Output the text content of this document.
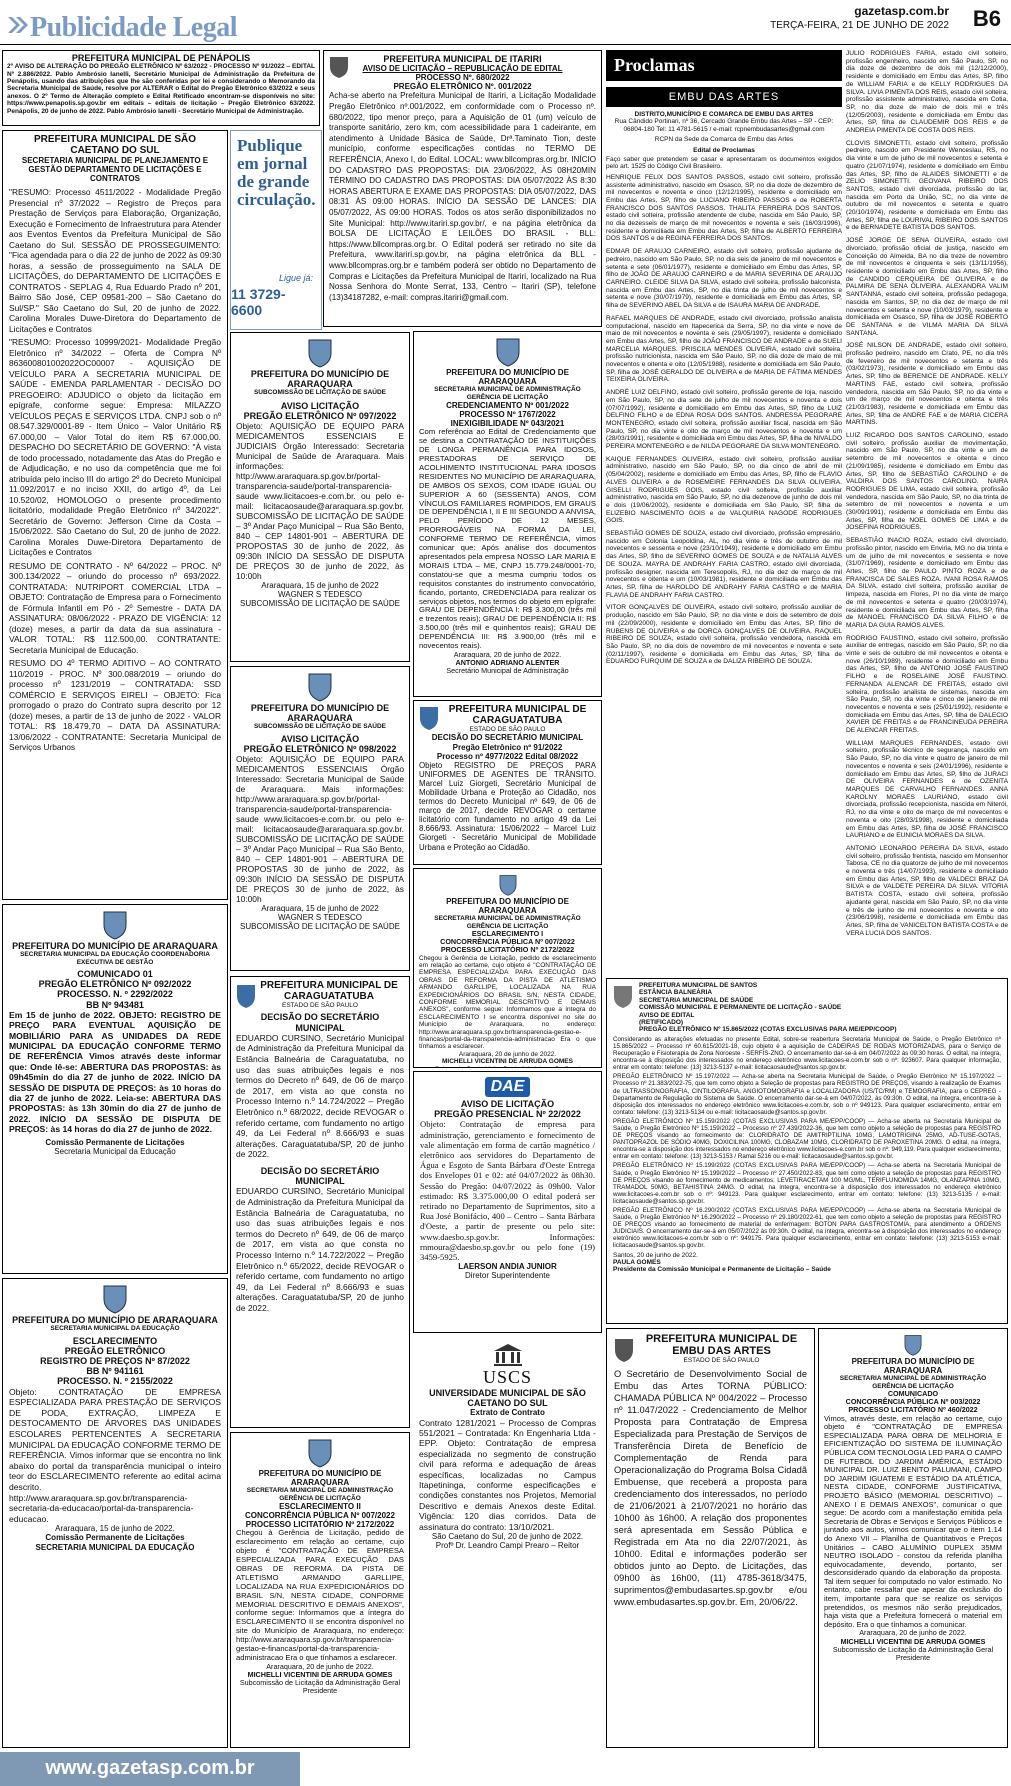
Publicidade Legal
gazetasp.com.br
TERÇA-FEIRA, 21 DE JUNHO DE 2022 B6
PREFEITURA MUNICIPAL DE PENÁPOLIS
2º AVISO DE ALTERAÇÃO DO PREGÃO ELETRÔNICO Nº 63/2022 - PROCESSO Nº 91/2022 – EDITAL Nº 2.886/2022. Pablo Ambrósio Ianelli, Secretário Municipal de Administração da Prefeitura de Penápolis, usando das atribuições que lhe são conferidas por lei e considerando o Memorando da Secretaria Municipal de Saúde, resolve por ALTERAR o Edital do Pregão Eletrônico 63/2022 e seus anexos. O 2º Termo de Alteração completo e Edital Retificado encontram-se disponíveis no site: https://www.penapolis.sp.gov.br em editais – editais de licitação – Pregão Eletrônico 63/2022. Penápolis, 20 de junho de 2022. Pablo Ambrósio Ianelli - Secretário Municipal de Administração.
PREFEITURA MUNICIPAL DE ITARIRI
AVISO DE LICITAÇÃO – REPUBLICAÇÃO DE EDITAL
PROCESSO Nº. 680/2022
PREGÃO ELETRÔNICO Nº. 001/2022
Acha-se aberto na Prefeitura Municipal de Itariri, a Licitação Modalidade Pregão Eletrônico nº.001/2022, em conformidade com o Processo nº. 680/2022, tipo menor preço, para a Aquisição de 01 (um) veículo de transporte sanitário, zero km, com acessibilidade para 1 cadeirante, em atendimento à Unidade Básica de Saúde, Drª.Taminato Tion, deste município, conforme especificações contidas no TERMO DE REFERÊNCIA, Anexo I, do Edital. LOCAL: www.bllcompras.org.br. INÍCIO DO CADASTRO DAS PROPOSTAS: DIA 23/06/2022, ÀS 08H20MIN TÉRMINO DO CADASTRO DAS PROPOSTAS: DIA 05/07/2022 ÀS 8:30 HORAS ABERTURA E EXAME DAS PROPOSTAS: DIA 05/07/2022, DAS 08:31 ÀS 09:00 HORAS. INÍCIO DA SESSÃO DE LANCES: DIA 05/07/2022, ÀS 09:00 HORAS. Todos os atos serão disponibilizados no Site Municipal: http://www.itariri.sp.gov.br/, e na página eletrônica da BOLSA DE LICITAÇÃO E LEILÕES DO BRASIL - BLL: https://www.bllcompras.org.br. O Edital poderá ser retirado no site da Prefeitura, www.itariri.sp.gov.br, na página eletrônica da BLL - www.bllcompras.org.br e também poderá ser obtido no Departamento de Compras e Licitações da Prefeitura Municipal de Itariri, localizado na Rua Nossa Senhora do Monte Serrat, 133, Centro – Itariri (SP), telefone (13)34187282, e-mail: compras.itariri@gmail.com.
PREFEITURA MUNICIPAL DE SÃO CAETANO DO SUL
SECRETARIA MUNICIPAL DE PLANEJAMENTO E GESTÃO DEPARTAMENTO DE LICITAÇÕES E CONTRATOS

"RESUMO: Processo 4511/2022 - Modalidade Pregão Presencial nº 37/2022 – Registro de Preços para Prestação de Serviços para Elaboração, Organização, Execução e Fornecimento de Infraestrutura para Atender aos Eventos Eventos da Prefeitura Municipal de São Caetano do Sul. SESSÃO DE PROSSEGUIMENTO: "Fica agendada para o dia 22 de junho de 2022 às 09:30 horas, a sessão de prosseguimento na SALA DE LICITAÇÕES, do DEPARTAMENTO DE LICITAÇÕES E CONTRATOS - SEPLAG 4, Rua Eduardo Prado nº 201, Bairro São José, CEP 09581-200 – São Caetano do Sul/SP." São Caetano do Sul, 20 de junho de 2022. Carolina Morales Duwe-Diretora do Departamento de Licitações e Contratos

"RESUMO: Processo 10999/2021- Modalidade Pregão Eletrônico nº 34/2022 – Oferta de Compra Nº 863600801002022OC00007 - AQUISIÇÃO DE VEÍCULO PARA A SECRETARIA MUNICIPAL DE SAÚDE - EMENDA PARLAMENTAR - DECISÃO DO PREGOEIRO: ADJUDICO o objeto da licitação em epígrafe, conforme segue: Empresa: MILAZZO VEÍCULOS PEÇAS E SERVIÇOS LTDA. CNPJ sob o nº 08.547.329/0001-89 - Item Único – Valor Unitário R$ 67.000,00 – Valor Total do item R$ 67.000,00. DESPACHO DO SECRETÁRIO DE GOVERNO: "À vista de todo processado, notadamente das Atas do Pregão e de Adjudicação, e no uso da competência que me foi atribuída pelo inciso III do artigo 2º do Decreto Municipal 11.092/2017 e no inciso XXII, do artigo 4º, da Lei 10.520/02, HOMOLOGO o presente procedimento licitatório, modalidade Pregão Eletrônico nº 34/2022". Secretário de Governo: Jefferson Cirne da Costa – 15/06/2022. São Caetano do Sul, 20 de junho de 2022. Carolina Morales Duwe-Diretora Departamento de Licitações e Contratos

RESUMO DE CONTRATO - Nº 64/2022 – PROC. Nº 300.134/2022 – oriundo do processo nº 693/2022. CONTRATADA: NUTRIPORT COMERCIAL LTDA – OBJETO: Contratação de Empresa para o Fornecimento de Fórmula Infantil em Pó - 2º Semestre - DATA DA ASSINATURA: 08/06/2022 - PRAZO DE VIGÊNCIA: 12 (doze) meses, a partir da data da sua assinatura - VALOR TOTAL: R$ 112.500,00. CONTRATANTE: Secretaria Municipal de Educação.

RESUMO DO 4º TERMO ADITIVO – AO CONTRATO 110/2019 - PROC. Nº 300.088/2019 – oriundo do processo nº 1231/2019 – CONTRATADA: SSD COMÉRCIO E SERVIÇOS EIRELI – OBJETO: Fica prorrogado o prazo do Contrato supra descrito por 12 (doze) meses, a partir de 13 de junho de 2022 - VALOR TOTAL: R$ 18.479,70 – DATA DA ASSINATURA: 13/06/2022 - CONTRATANTE: Secretaria Municipal de Serviços Urbanos

Publique
em jornal
de grande
circulação.
Ligue já:
11 3729-6600
PREFEITURA DO MUNICÍPIO DE ARARAQUARA
SUBCOMISSÃO DE LICITAÇÃO DE SAÚDE
AVISO LICITAÇÃO
PREGÃO ELETRÔNICO Nº 097/2022
Objeto: AQUISIÇÃO DE EQUIPO PARA MEDICAMENTOS ESSENCIAIS E JUDICIAIS Órgão Interessado: Secretaria Municipal de Saúde de Araraquara. Mais informações: http://www.araraquara.sp.gov.br/portal-transparencia-saude/portal-transparencia-saude www.licitacoes-e.com.br. ou pelo e-mail: licitacaosaude@araraquara.sp.gov.br. SUBCOMISSÃO DE LICITAÇÃO DE SAÚDE – 3º Andar Paço Municipal – Rua São Bento, 840 – CEP 14801-901 – ABERTURA DE PROPOSTAS 30 de junho de 2022, às 09:30h INÍCIO DA SESSÃO DE DISPUTA DE PREÇOS 30 de junho de 2022, às 10:00h
Araraquara, 15 de junho de 2022
WAGNER S TEDESCO
SUBCOMISSÃO DE LICITAÇÃO DE SAÚDE
PREFEITURA DO MUNICÍPIO DE ARARAQUARA
SUBCOMISSÃO DE LICITAÇÃO DE SAÚDE
AVISO LICITAÇÃO
PREGÃO ELETRÔNICO Nº 098/2022
Objeto: AQUISIÇÃO DE EQUIPO PARA MEDICAMENTOS ESSENCIAIS Órgão Interessado: Secretaria Municipal de Saúde de Araraquara. Mais informações: http://www.araraquara.sp.gov.br/portal-transparencia-saude/portal-transparencia-saude www.licitacoes-e.com.br. ou pelo e-mail: licitacaosaude@araraquara.sp.gov.br. SUBCOMISSÃO DE LICITAÇÃO DE SAÚDE – 3º Andar Paço Municipal – Rua São Bento, 840 – CEP 14801-901 – ABERTURA DE PROPOSTAS 30 de junho de 2022, às 09:30h INÍCIO DA SESSÃO DE DISPUTA DE PREÇOS 30 de junho de 2022, às 10:00h
Araraquara, 15 de junho de 2022
WAGNER S TEDESCO
SUBCOMISSÃO DE LICITAÇÃO DE SAÚDE
PREFEITURA DO MUNICÍPIO DE ARARAQUARA
SECRETARIA MUNICIPAL DA EDUCAÇÃO COORDENADORIA EXECUTIVA DE GESTÃO
COMUNICADO 01
PREGÃO ELETRÔNICO Nº 092/2022
PROCESSO. N. º 2292/2022
BB Nº 943481
Em 15 de junho de 2022. OBJETO: REGISTRO DE PREÇO PARA EVENTUAL AQUISIÇÃO DE MOBILIÁRIO PARA AS UNIDADES DA REDE MUNICIPAL DA EDUCAÇÃO CONFORME TERMO DE REFERÊNCIA Vimos através deste informar que: Onde lê-se: ABERTURA DAS PROPOSTAS: às 09h45min do dia 27 de junho de 2022. INÍCIO DA SESSÃO DE DISPUTA DE PREÇOS: às 10 horas do dia 27 de junho de 2022. Leia-se: ABERTURA DAS PROPOSTAS: às 13h 30min do dia 27 de junho de 2022. INÍCIO DA SESSÃO DE DISPUTA DE PREÇOS: às 14 horas do dia 27 de junho de 2022.
Comissão Permanente de Licitações
Secretaria Municipal da Educação
PREFEITURA DO MUNICÍPIO DE ARARAQUARA
SECRETARIA MUNICIPAL DA EDUCAÇÃO
ESCLARECIMENTO
PREGÃO ELETRÔNICO
REGISTRO DE PREÇOS Nº 87/2022
BB Nº 941161
PROCESSO. N. º 2155/2022
Objeto: CONTRATAÇÃO DE EMPRESA ESPECIALIZADA PARA PRESTAÇÃO DE SERVIÇOS DE PODA, EXTRAÇÃO, LIMPEZA E DESTOCAMENTO DE ÁRVORES DAS UNIDADES ESCOLARES PERTENCENTES A SECRETARIA MUNICIPAL DA EDUCAÇÃO CONFORME TERMO DE REFERÊNCIA. Vimos informar que se encontra no link abaixo do portal da transparência municipal o inteiro teor do ESCLARECIMENTO referente ao edital acima descrito. http://www.araraquara.sp.gov.br/transparencia-secretaria-da-educacao/portal-da-transparencia-educacao.
Araraquara, 15 de junho de 2022.
Comissão Permanente de Licitações
SECRETARIA MUNICIPAL DA EDUCAÇÃO
PREFEITURA MUNICIPAL DE CARAGUATATUBA
ESTADO DE SÃO PAULO
DECISÃO DO SECRETÁRIO MUNICIPAL

EDUARDO CURSINO, Secretário Municipal de Administração da Prefeitura Municipal da Estância Balneária de Caraguatatuba, no uso das suas atribuições legais e nos termos do Decreto nº 649, de 06 de março de 2017, em vista ao que consta no Processo Interno n.º 14.724/2022 – Pregão Eletrônico n.º 68/2022, decide REVOGAR o referido certame, com fundamento no artigo 49, da Lei Federal nº 8.666/93 e suas alterações. Caraguatatuba/SP, 20 de junho de 2022.

DECISÃO DO SECRETÁRIO MUNICIPAL

EDUARDO CURSINO, Secretário Municipal de Administração da Prefeitura Municipal da Estância Balneária de Caraguatatuba, no uso das suas atribuições legais e nos termos do Decreto nº 649, de 06 de março de 2017, em vista ao que consta no Processo Interno n.º 14.722/2022 – Pregão Eletrônico n.º 65/2022, decide REVOGAR o referido certame, com fundamento no artigo 49, da Lei Federal nº 8.666/93 e suas alterações. Caraguatatuba/SP, 20 de junho de 2022.

PREFEITURA DO MUNICÍPIO DE ARARAQUARA
SECRETARIA MUNICIPAL DE ADMINISTRAÇÃO GERÊNCIA DE LICITAÇÃO
ESCLARECIMENTO II
CONCORRÊNCIA PÚBLICA Nº 007/2022
PROCESSO LICITATÓRIO Nº 2172/2022
Chegou à Gerência de Licitação, pedido de esclarecimento em relação ao certame, cujo objeto é "CONTRATAÇÃO DE EMPRESA ESPECIALIZADA PARA EXECUÇÃO DAS OBRAS DE REFORMA DA PISTA DE ATLETISMO ARMANDO GARLLIPE, LOCALIZADA NA RUA EXPEDICIONÁRIOS DO BRASIL S/N, NESTA CIDADE, CONFORME MEMORIAL DESCRITIVO E DEMAIS ANEXOS", conforme segue: Informamos que a íntegra do ESCLARECIMENTO II se encontra disponível no site do Município de Araraquara, no endereço: http://www.araraquara.sp.gov.br/transparencia-gestao-e-financas/portal-da-transparencia-administracao Era o que tínhamos a esclarecer.
Araraquara, 20 de junho de 2022.
MICHELLI VICENTINI DE ARRUDA GOMES
Subcomissão de Licitação da Administração Geral Presidente
PREFEITURA DO MUNICÍPIO DE ARARAQUARA
SECRETARIA MUNICIPAL DE ADMINISTRAÇÃO GERÊNCIA DE LICITAÇÃO
CREDENCIAMENTO Nº 001/2022
PROCESSO Nº 1767/2022
INEXIGIBILIDADE Nº 043/2021
Com referência ao Edital de Credenciamento que se destina a CONTRATAÇÃO DE INSTITUIÇÕES DE LONGA PERMANÊNCIA PARA IDOSOS, PRESTADORAS DE SERVIÇO DE ACOLHIMENTO INSTITUCIONAL PARA IDOSOS RESIDENTES NO MUNICÍPIO DE ARARAQUARA, DE AMBOS OS SEXOS, COM IDADE IGUAL OU SUPERIOR A 60 (SESSENTA) ANOS, COM VÍNCULOS FAMILIARES ROMPIDOS, EM GRAUS DE DEPENDÊNCIA I, II E III SEGUNDO A ANVISA, PELO PERÍODO DE 12 MESES, PRORROGÁVEIS NA FORMA DA LEI, CONFORME TERMO DE REFERÊNCIA, vimos comunicar que: Após análise dos documentos apresentados pela empresa NOSSO LAR MARIA E MORAIS LTDA – ME, CNPJ 15.779.248/0001-70, constatou-se que a mesma cumpriu todos os requisitos constantes do instrumento convocatório, ficando, portanto, CREDENCIADA para realizar os serviços objetos, nos termos do objeto em epígrafe: GRAU DE DEPENDÊNCIA I: R$ 3.300,00 (três mil e trezentos reais); GRAU DE DEPENDÊNCIA II: R$ 3.500,00 (três mil e quinhentos reais); GRAU DE DEPENDÊNCIA III: R$ 3.900,00 (três mil e novecentos reais).
Araraquara, 20 de junho de 2022.
ANTONIO ADRIANO ALENTER
Secretário Municipal de Administração
PREFEITURA MUNICIPAL DE CARAGUATATUBA
ESTADO DE SÃO PAULO
DECISÃO DO SECRETÁRIO MUNICIPAL
Pregão Eletrônico nº 91/2022
Processo nº 4977/2022 Edital 08/2022
Objeto REGISTRO DE PREÇOS PARA UNIFORMES DE AGENTES DE TRÂNSITO. Marcel Luiz Giorgeti, Secretário Municipal de Mobilidade Urbana e Proteção ao Cidadão, nos termos do Decreto Municipal nº 649, de 06 de março de 2017, decide REVOGAR o certame licitatório com fundamento no artigo 49 da Lei 8.666/93. Assinatura: 15/06/2022 – Marcel Luiz Giorgeti - Secretário Municipal de Mobilidade Urbana e Proteção ao Cidadão.
PREFEITURA DO MUNICÍPIO DE ARARAQUARA
SECRETARIA MUNICIPAL DE ADMINISTRAÇÃO GERÊNCIA DE LICITAÇÃO
ESCLARECIMENTO I
CONCORRÊNCIA PÚBLICA Nº 007/2022
PROCESSO LICITATÓRIO Nº 2172/2022
Chegou à Gerência de Licitação, pedido de esclarecimento em relação ao certame, cujo objeto é "CONTRATAÇÃO DE EMPRESA ESPECIALIZADA PARA EXECUÇÃO DAS OBRAS DE REFORMA DA PISTA DE ATLETISMO ARMANDO GARLLIPE, LOCALIZADA NA RUA EXPEDICIONÁRIOS DO BRASIL S/N, NESTA CIDADE, CONFORME MEMORIAL DESCRITIVO E DEMAIS ANEXOS", conforme segue: Informamos que a íntegra do ESCLARECIMENTO I se encontra disponível no site do Município de Araraquara, no endereço: http://www.araraquara.sp.gov.br/transparencia-gestao-e-financas/portal-da-transparencia-administracao Era o que tínhamos a esclarecer.
Araraquara, 20 de junho de 2022.
MICHELLI VICENTINI DE ARRUDA GOMES
DAE
AVISO DE LICITAÇÃO
PREGÃO PRESENCIAL Nº 22/2022
Objeto: Contratação de empresa para administração, gerenciamento e fornecimento de vale alimentação em forma de cartão magnético / eletrônico aos servidores do Departamento de Água e Esgoto de Santa Bárbara d'Oeste Entrega dos Envelopes 01 e 02: até 04/07/2022 às 08h30. Sessão do Pregão: 04/07/2022 às 09h00. Valor estimado: R$ 3.375.000,00 O edital poderá ser retirado no Departamento de Suprimentos, sito a Rua José Bonifácio, 400 – Centro – Santa Bárbara d'Oeste, a partir de presente ou pelo site: www.daesbo.sp.gov.br. Informações: rnmoura@daesbo.sp.gov.br ou pelo fone (19) 3459-5925.
LAERSON ANDIA JUNIOR
Diretor Superintendente
USCS
UNIVERSIDADE MUNICIPAL DE SÃO CAETANO DO SUL
Extrato de Contrato
Contrato 1281/2021 – Processo de Compras 551/2021 – Contratada: Kn Engenharia Ltda - EPP. Objeto: Contratação de empresa especializada no segmento de construção civil para reforma e adequação de áreas específicas, localizadas no Campus Itapetininga, conforme especificações e condições constantes nos Projetos, Memorial Descritivo e demais Anexos deste Edital. Vigência: 120 dias corridos. Data de assinatura do contrato: 13/10/2021.
São Caetano do Sul, 20 de junho de 2022.
Profº Dr. Leandro Campi Prearo – Reitor
Proclamas
EMBU DAS ARTES
DISTRITO,MUNICÍPIO E COMARCA DE EMBU DAS ARTES
Rua Cândido Portinari, nº 36, Cercado Grande Embu das Artes – SP - CEP: 06804-180 Tel: 11 4781-5615 / e-mail: rcpnembudasartes@gmail.com
RCPN da Sede da Comarca de Embu das Artes
Edital de Proclamas

Faço saber que pretendem se casar e apresentaram os documentos exigidos pelo art. 1525 do Código Civil Brasileiro.

HENRIQUE FELIX DOS SANTOS PASSOS, estado civil solteiro, profissão assistente administrativo, nascido em Osasco, SP, no dia doze de dezembro de mil novecentos e noventa e cinco (12/12/1995), residente e domiciliado em Embu das Artes, SP, filho de LUCIANO RIBEIRO PASSOS e de ROBERTA FRANCISCO DOS SANTOS PASSOS. THALITA FERREIRA DOS SANTOS, estado civil solteira, profissão atendente de clube, nascida em São Paulo, SP, no dia dezesseis de março de mil novecentos e noventa e seis (16/03/1996), residente e domiciliada em Embu das Artes, SP, filha de ALBERTO FERREIRA DOS SANTOS e de REGINA FERREIRA DOS SANTOS.

EDMAR DE ARAUJO CARNEIRO, estado civil solteiro, profissão ajudante de pedreiro, nascido em São Paulo, SP, no dia seis de janeiro de mil novecentos e setenta e sete (06/01/1977), residente e domiciliado em Embu das Artes, SP, filho de JOÃO DE ARAUJO CARNEIRO e de MARIA SEVERINA DE ARAUJO CARNEIRO. CLEIDE SILVA DA SILVA, estado civil solteira, profissão balconista, nascida em Embu das Artes, SP, no dia trinta de julho de mil novecentos e setenta e nove (30/07/1979), residente e domiciliada em Embu das Artes, SP, filha de SEVERINO ABEL DA SILVA e de ISAURA MARIA DE ANDRADE.

RAFAEL MARQUES DE ANDRADE, estado civil divorciado, profissão analista computacional, nascido em Itapecerica da Serra, SP, no dia vinte e nove de maio de mil novecentos e noventa e seis (29/05/1997), residente e domiciliado em Embu das Artes, SP, filho de JOÃO FRANCISCO DE ANDRADE e de SUELI MARCELIA MARQUES. PRISCILA MENDES OLIVEIRA, estado civil solteira, profissão nutricionista, nascida em São Paulo, SP, no dia doze de maio de mil novecentos e oitenta e oito (12/05/1988), residente e domiciliada em São Paulo, SP, filha de JOSÉ GERALDO DE OLIVEIRA e de MARIA DE FÁTIMA MENDES TEIXEIRA OLIVEIRA.

ANDRÉ LUIZ DELFINO, estado civil solteiro, profissão gerente de loja, nascido em São Paulo, SP, no dia sete de julho de mil novecentos e noventa e dois (07/07/1992), residente e domiciliado em Embu das Artes, SP, filho de LUIZ DELFINO FILHO e de EDNA ROSA DOS SANTOS. ANDRESSA PEGORARE MONTENEGRO, estado civil solteira, profissão auxiliar fiscal, nascida em São Paulo, SP, no dia vinte e oito de março de mil novecentos e noventa e um (28/03/1991), residente e domiciliada em Embu das Artes, SP, filha de NIVALDO PEREIRA MONTENEGRO e de NILDA PEGORARE DA SILVA MONTENEGRO.

KAIQUE FERNANDES OLIVEIRA, estado civil solteiro, profissão auxiliar administrativo, nascido em São Paulo, SP, no dia cinco de abril de mil (05/04/2002), residente e domiciliado em Embu das Artes, SP, filho de FLAVIO ALVES OLIVEIRA e de ROSEMEIRE FERNANDES DA SILVA OLIVEIRA. GISELLI RODRIGUES GOIS, estado civil solteira, profissão auxiliar administrativo, nascida em São Paulo, SP, no dia dezenove de junho de dois mil e dois (19/06/2002), residente e domiciliada em São Paulo, SP, filha de ELIZEBIO NASCIMENTO GOIS e de VALQUIRIA NAGODE RODRIGUES GOIS.

SEBASTIÃO GOMES DE SOUZA, estado civil divorciado, profissão empresário, nascido em Colonia Leopoldina, AL, no dia vinte e três de outubro de mil novecentos e sessenta e nove (23/10/1949), residente e domiciliado em Embu das Artes, SP, filho de SEVERINO GOMES DE SOUZA e de NATALIA ALVES DE SOUZA. MAYRA DE ANDRAHY FARIA CASTRO, estado civil divorciada, profissão designer, nascida em Teresopolis, RJ, no dia dez de março de mil novecentos e oitenta e um (10/03/1981), residente e domiciliada em Embu das Artes, SP, filha de HAROLDO DE ANDRAHY FARIA CASTRO e de MARIA FLAVIA DE ANDRAHY FARIA CASTRO.

VITOR GONÇALVES DE OLIVEIRA, estado civil solteiro, profissão auxiliar de produção, nascido em São Paulo, SP, no dia vinte e dois de setembro de dois mil (22/09/2000), residente e domiciliado em Embu das Artes, SP, filho de RUBENS DE OLIVEIRA e de DORCA GONÇALVES DE OLIVEIRA. RAQUEL RIBEIRO DE SOUZA, estado civil solteira, profissão vendedora, nascida em São Paulo, SP, no dia dois de novembro de mil novecentos e noventa e sete (02/11/1997), residente e domiciliada em Embu das Artes, SP, filha de EDUARDO FURQUIM DE SOUZA e de DALIZA RIBEIRO DE SOUZA.

JULIO RODRIGUES FARIA, estado civil solteiro, profissão engenheiro, nascido em São Paulo, SP, no dia doze de dezembro de dois mil (12/12/2000), residente e domiciliado em Embu das Artes, SP, filho de WILLIAM FARIA e de KELLY RODRIGUES DA SILVA. LIVIA PIMENTA DOS REIS, estado civil solteira, profissão assistente administrativo, nascida em Cotia, SP, no dia doze de maio de dois mil e três (12/05/2003), residente e domiciliada em Embu das Artes, SP, filha de CLAUDEMIR DOS REIS e de ANDREIA PIMENTA DE COSTA DOS REIS.

CLOVIS SIMONETTI, estado civil solteiro, profissão pedreiro, nascido em Presidente Wenceslau, RS, no dia vinte e um de julho de mil novecentos e setenta e quatro (21/07/1974), residente e domiciliado em Embu das Artes, SP, filho de ALAIDES SIMONETTI e de ZELIO SIMONETTI. GEOVANA RIBEIRO DOS SANTOS, estado civil divorciada, profissão do lar, nascida em Porto da União, SC, no dia vinte de outubro de mil novecentos e setenta e quatro (20/10/1974), residente e domiciliada em Embu das Artes, SP, filha de LOURIVAL RIBEIRO DOS SANTOS e de BERNADETE BATISTA DOS SANTOS.

JOSÉ JORGE DE SENA OLIVEIRA, estado civil divorciado, profissão oficial de justiça, nascido em Conceição do Almeida, BA no dia treze de novembro de mil novecentos e cinquenta e seis (13/11/1956), residente e domiciliado em Embu das Artes, SP, filho de CANDIDO CERQUEIRA DE OLIVEIRA e de PALMIRA DE SENA OLIVEIRA. ALEXANDRA VALIM SANTANNA, estado civil solteira, profissão pedagoga, nascida em Santos, SP, no dia dez de março de mil novecentos e setenta e nove (10/03/1979), residente e domiciliada em Osasco, SP, filha de JOSÉ ROBERTO DE SANTANA e de VILMA MARIA DA SILVA SANTANA.

JOSÉ NILSON DE ANDRADE, estado civil solteiro, profissão pedreiro, nascido em Crato, PE, no dia três de fevereiro de mil novecentos e setenta e três (03/02/1973), residente e domiciliado em Embu das Artes, SP, filho de BERENICE DE ANDRADE. KELLY MARTINS FAE, estado civil solteira, profissão vendedora, nascida em São Paulo, SP, no dia vinte e um de março de mil novecentos e oitenta e três (21/03/1983), residente e domiciliada em Embu das Artes, SP, filha de ANDRE FAE e de MARIA CICERA MARTINS.

LUIZ RICARDO DOS SANTOS CAROLINO, estado civil solteiro, profissão auxiliar de movimentação, nascido em São Paulo, SP, no dia vinte e um de setembro de mil novecentos e oitenta e cinco (21/09/1985), residente e domiciliado em Embu das Artes, SP, filho de SEBASTIÃO CAROLINO e de VALDIRA DOS SANTOS CAROLINO. NAIRA RODRIGUES DE LIMA, estado civil solteira, profissão vendedora, nascida em São Paulo, SP, no dia trinta de setembro de mil novecentos e noventa e um (30/09/1991), residente e domiciliada em Embu das Artes, SP, filha de NOEL GOMES DE LIMA e de JOSEFINA RODRIGUES.

SEBASTIÃO INACIO ROZA, estado civil divorciado, profissão pintor, nascido em Enviria, MG no dia trinta e um de julho de mil novecentos e sessenta e nove (31/07/1969), residente e domiciliado em Embu das Artes, SP, filho de PAULO PINTO ROZA e de FRANCISCA DE SALES ROZA. IVANI ROSA RAMOS DA SILVA, estado civil solteira, profissão auxiliar de limpeza, nascida em Flores, PI no dia vinte de março de mil novecentos e setenta e quatro (20/03/1974), residente e domiciliada em Embu das Artes, SP, filha de MANOEL FRANCISCO DA SILVA FILHO e de MARIA DA GUIA RAMOS ALVES.

RODRIGO FAUSTINO, estado civil solteiro, profissão auxiliar de entregas, nascido em São Paulo, SP, no dia vinte e seis de outubro de mil novecentos e oitenta e nove (26/10/1989), residente e domiciliado em Embu das Artes, SP, filho de ANTONIO JOSÉ FAUSTINO FILHO e de ROSELAINE JOSÉ FAUSTINO. FERNANDA ALENCAR DE FREITAS, estado civil solteira, profissão analista de sistemas, nascida em São Paulo, SP, no dia vinte e cinco de janeiro de mil novecentos e noventa e seis (25/01/1992), residente e domiciliada em Embu das Artes, SP, filha de DALECIO XAVIER DE FREITAS e de FRANCINEUDA PEREIRA DE ALENCAR FREITAS.

WILLIAM MARQUES FERNANDES, estado civil solteiro, profissão técnico de segurança, nascido em São Paulo, SP, no dia vinte e quatro de janeiro de mil novecentos e noventa e seis (24/01/1996), residente e domiciliado em Embu das Artes, SP, filho de JURACI DE OLIVEIRA FERNANDES e de OZENITA MARQUES DE CARVALHO FERNANDES. ANNA KAROLNY MORAES LAURIANO, estado civil divorciada, profissão recepcionista, nascida em Niterói, RJ, no dia vinte e oito de março de mil novecentos e noventa e oito (28/03/1998), residente e domiciliada em Embu das Artes, SP, filha de JOSÉ FRANCISCO LAURIANO e de EUNICIA MORAES DA SILVA.

ANTONIO LEONARDO PEREIRA DA SILVA, estado civil solteiro, profissão frentista, nascido em Monsenhor Tabosa, CE no dia quatorze de julho de mil novecentos e noventa e três (14/07/1993), residente e domiciliado em Embu das Artes, SP, filho de VALDECI BRAZ DA SILVA e de VALDETE PEREIRA DA SILVA. VITORIA BATISTA COSTA, estado civil solteira, profissão ajudante geral, nascida em São Paulo, SP, no dia vinte e três de junho de mil novecentos e noventa e oito (23/06/1998), residente e domiciliada em Embu das Artes, SP, filha de VANICELTON BATISTA COSTA e de VERA LUCIA DOS SANTOS.

PREFEITURA MUNICIPAL DE SANTOS
ESTÂNCIA BALNEÁRIA
SECRETARIA MUNICIPAL DE SAÚDE
COMISSÃO MUNICIPAL E PERMANENTE DE LICITAÇÃO - SAÚDE
AVISO DE EDITAL
(RETIFICADO)
PREGÃO ELETRÔNICO Nº 15.865/2022 (COTAS EXCLUSIVAS PARA ME/EPP/COOP)

Considerando as alterações efetuadas no presente Edital, sobre-se reabertura Secretaria Municipal de Saúde, o Pregão Eletrônico nº 15.865/2022 – Processo nº 60.615/2021-18, cujo objeto é a aquisição de CADEIRAS DE RODAS MOTORIZADAS, para o Serviço de Recuperação e Fisioterapia de Zona Noroeste - SERFIS-ZNO. O encerramento dar-se-á em 04/07/2022 às 09:30 horas. O edital, na íntegra, encontra-se à disposição dos interessados no endereço eletrônico www.licitacoes-e.com.br sob o nº: 923607. Para qualquer informação, entrar em contato: telefone: (13) 3213-5137 e-mail: licitacaosaude@santos.sp.gov.br.

PREGÃO ELETRÔNICO Nº 15.197/2022 — Acha-se aberta na Secretaria Municipal de Saúde, o Pregão Eletrônico Nº 15.197/2022 – Processo nº 21.383/2022-75, que tem como objeto a Seleção de propostas para REGISTRO DE PREÇOS, visando à realização de Exames de ULTRASSONOGRAFIA, CINTILOGRAFIA, ANGIOTOMOGRAFIA e LOCALIZADORA (US/TC/RM) e TEMOGRAFIA, para o CEPREG - Departamento de Regulação do Sistema de Saúde. O encerramento dar-se-á em 04/07/2022, às 09:30h. O edital, na íntegra, encontra-se à disposição dos interessados no endereço eletrônico www.licitacoes-e.com.br, sob o nº 949123. Para qualquer esclarecimento, entrar em contato: telefone: (13) 3213-5134 ou e-mail: licitacaosaude@santos.sp.gov.br.

PREGÃO ELETRÔNICO Nº 15.159/2022 (COTAS EXCLUSIVAS PARA ME/EPP/COOP) — Acha-se aberta na Secretaria Municipal de Saúde, o Pregão Eletrônico Nº 15.159/2022 – Processo nº 27.439/2022-36, que tem como objeto a seleção de propostas para REGISTRO DE PREÇOS visando ao fornecimento de: CLORIDRATO DE AMITRIPTILINA 10MG, LAMOTRIGINA 25MG, AD-TUSE-GOTAS, PANTOPRAZOL DE SÓDIO 40MG, DOXICILINA 100MG, CLOBAZAM 10MG, CLORIDRATO DE PAROXETINA 20MG. O edital, na íntegra, encontra-se à disposição dos interessados no endereço eletrônico www.licitacoes-e.com.br sob o nº: 949,119. Para qualquer esclarecimento, entrar em contato: telefone: (13) 3213-5153 / Ramal 5216 ou e-mail: licitacaosaude@santos.sp.gov.br.

PREGÃO ELETRÔNICO Nº 15.199/2022 (COTAS EXCLUSIVAS PARA ME/EPP/COOP) — Acha-se aberta na Secretaria Municipal de Saúde, o Pregão Eletrônico Nº 15.199/2022 – Processo nº 27.450/2022-83, que tem como objeto a seleção de propostas para REGISTRO DE PREÇOS visando ao fornecimento de medicamentos: LEVETIRACETAM 100 MG/ML, TERIFLUNOMIDA 14MG, OLANZAPINA 10MG, TRAMADOL 50MG, BETAHISTINA 24MG. O edital, na íntegra, encontra-se à disposição dos interessados no endereço eletrônico www.licitacoes-e.com.br sob o nº: 949123. Para qualquer esclarecimento, entrar em contato: telefone: (13) 3213-5135 / e-mail: licitacaosaude@santos.sp.gov.br.

PREGÃO ELETRÔNICO Nº 16.290/2022 (COTAS EXCLUSIVAS PARA ME/EPP/COOP) — Acha-se aberta na Secretaria Municipal de Saúde, o Pregão Eletrônico Nº 16.290/2022 – Processo nº 29.180/2022-61, que tem como objeto a seleção de propostas para REGISTRO DE PREÇOS visando ao fornecimento de material de enfermagem: BOTON PARA GASTROSTOMIA, para atendimento a ORDENS JUDICIAIS. O encerramento dar-se-á em 05/07/2022 às 09:30h. O edital, na íntegra, encontra-se à disposição dos interessados no endereço eletrônico www.licitacoes-e.com.br sob o nº: 949175. Para qualquer esclarecimento, entrar em contato: telefone: (13) 3213-5153 e-mail: licitacaosaude@santos.sp.gov.br.

Santos, 20 de junho de 2022.
PAULA GOMES
Presidente da Comissão Municipal e Permanente de Licitação – Saúde
PREFEITURA MUNICIPAL DE EMBU DAS ARTES
ESTADO DE SÃO PAULO
O Secretário de Desenvolvimento Social de Embu das Artes TORNA PÚBLICO: CHAMADA PÚBLICA Nº 004/2022 – Processo nº 11.047/2022 - Credenciamento de Melhor Proposta para Contratação de Empresa Especializada para Prestação de Serviços de Transferência Direta de Benefício de Complementação de Renda para Operacionalização do Programa Bolsa Cidadã Embuense, que receberá a proposta para credenciamento dos interessados, no período de 21/06/2021 à 21/07/2021 no horário das 10h00 às 16h00. A relação dos proponentes será apresentada em Sessão Pública e Registrada em Ata no dia 22/07/2021, às 10h00. Edital e informações poderão ser obtidos junto ao Depto. de Licitações, das 09h00 às 16h00, (11) 4785-3618/3475, suprimentos@embudasartes.sp.gov.br e/ou www.embudasartes.sp.gov.br. Em, 20/06/22.
PREFEITURA DO MUNICÍPIO DE ARARAQUARA
SECRETARIA MUNICIPAL DE ADMINISTRAÇÃO GERÊNCIA DE LICITAÇÃO
COMUNICADO
CONCORRÊNCIA PÚBLICA Nº 003/2022
PROCESSO LICITATÓRIO Nº 460/2022
Vimos, através deste, em relação ao certame, cujo objeto é "CONTRATAÇÃO DE EMPRESA ESPECIALIZADA PARA OBRA DE MELHORIA E EFICIENTIZAÇÃO DO SISTEMA DE ILUMINAÇÃO PÚBLICA COM TECNOLOGIA LED PARA O CAMPO DE FUTEBOL DO JARDIM AMÉRICA, ESTÁDIO MUNICIPAL DR. LUIZ BENITO PALUMANI, CAMPO DO JARDIM IGUATEMI E ESTÁDIO DA ATLÉTICA, NESTA CIDADE, CONFORME JUSTIFICATIVA, PROJETO BÁSICO (MEMORIAL DESCRITIVO) – ANEXO I E DEMAIS ANEXOS", comunicar o que segue: De acordo com a manifestação emitida pela Secretaria de Obras e Serviços e Serviços Públicos e juntado aos autos, vimos comunicar que o item 1.14 do Anexo VII – Planilha de Quantitativos e Preços Unitários – CABO ALUMÍNIO DUPLEX 35MM NEUTRO ISOLADO - constou da referida planilha equivocadamente, devendo, portanto, ser desconsiderado quando da elaboração da proposta. Tal item sequer foi computado no valor estimado. No entanto, cabe ressaltar que apesar da exclusão do item, importante para que se realize os serviços pretendidos, os mesmos não serão prejudicados, haja vista que a Prefeitura fornecerá o material em depósito. Era o que tínhamos a comunicar.
Araraquara, 20 de junho de 2022.
MICHELLI VICENTINI DE ARRUDA GOMES
Subcomissão de Licitação da Administração Geral Presidente
www.gazetasp.com.br
